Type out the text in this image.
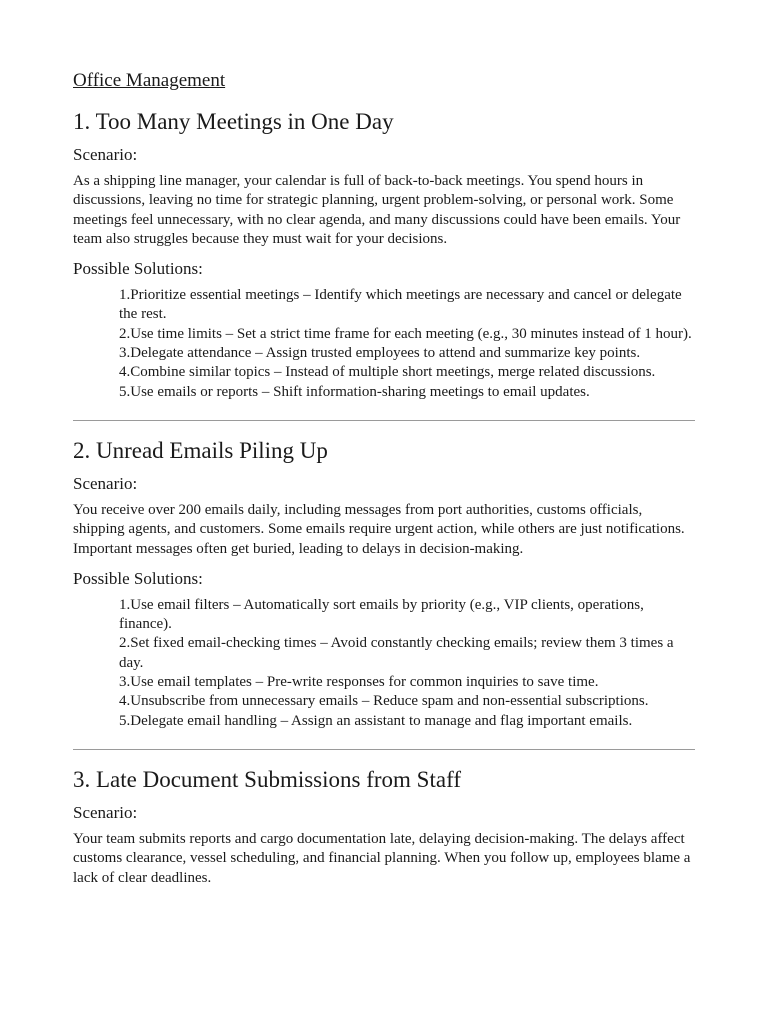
Office Management
1. Too Many Meetings in One Day
Scenario:

As a shipping line manager, your calendar is full of back-to-back meetings. You spend hours in discussions, leaving no time for strategic planning, urgent problem-solving, or personal work. Some meetings feel unnecessary, with no clear agenda, and many discussions could have been emails. Your team also struggles because they must wait for your decisions.

Possible Solutions:
1.Prioritize essential meetings – Identify which meetings are necessary and cancel or delegate the rest.
2.Use time limits – Set a strict time frame for each meeting (e.g., 30 minutes instead of 1 hour).
3.Delegate attendance – Assign trusted employees to attend and summarize key points.
4.Combine similar topics – Instead of multiple short meetings, merge related discussions.
5.Use emails or reports – Shift information-sharing meetings to email updates.
2. Unread Emails Piling Up
Scenario:

You receive over 200 emails daily, including messages from port authorities, customs officials, shipping agents, and customers. Some emails require urgent action, while others are just notifications. Important messages often get buried, leading to delays in decision-making.

Possible Solutions:
1.Use email filters – Automatically sort emails by priority (e.g., VIP clients, operations, finance).
2.Set fixed email-checking times – Avoid constantly checking emails; review them 3 times a day.
3.Use email templates – Pre-write responses for common inquiries to save time.
4.Unsubscribe from unnecessary emails – Reduce spam and non-essential subscriptions.
5.Delegate email handling – Assign an assistant to manage and flag important emails.
3. Late Document Submissions from Staff
Scenario:

Your team submits reports and cargo documentation late, delaying decision-making. The delays affect customs clearance, vessel scheduling, and financial planning. When you follow up, employees blame a lack of clear deadlines.
